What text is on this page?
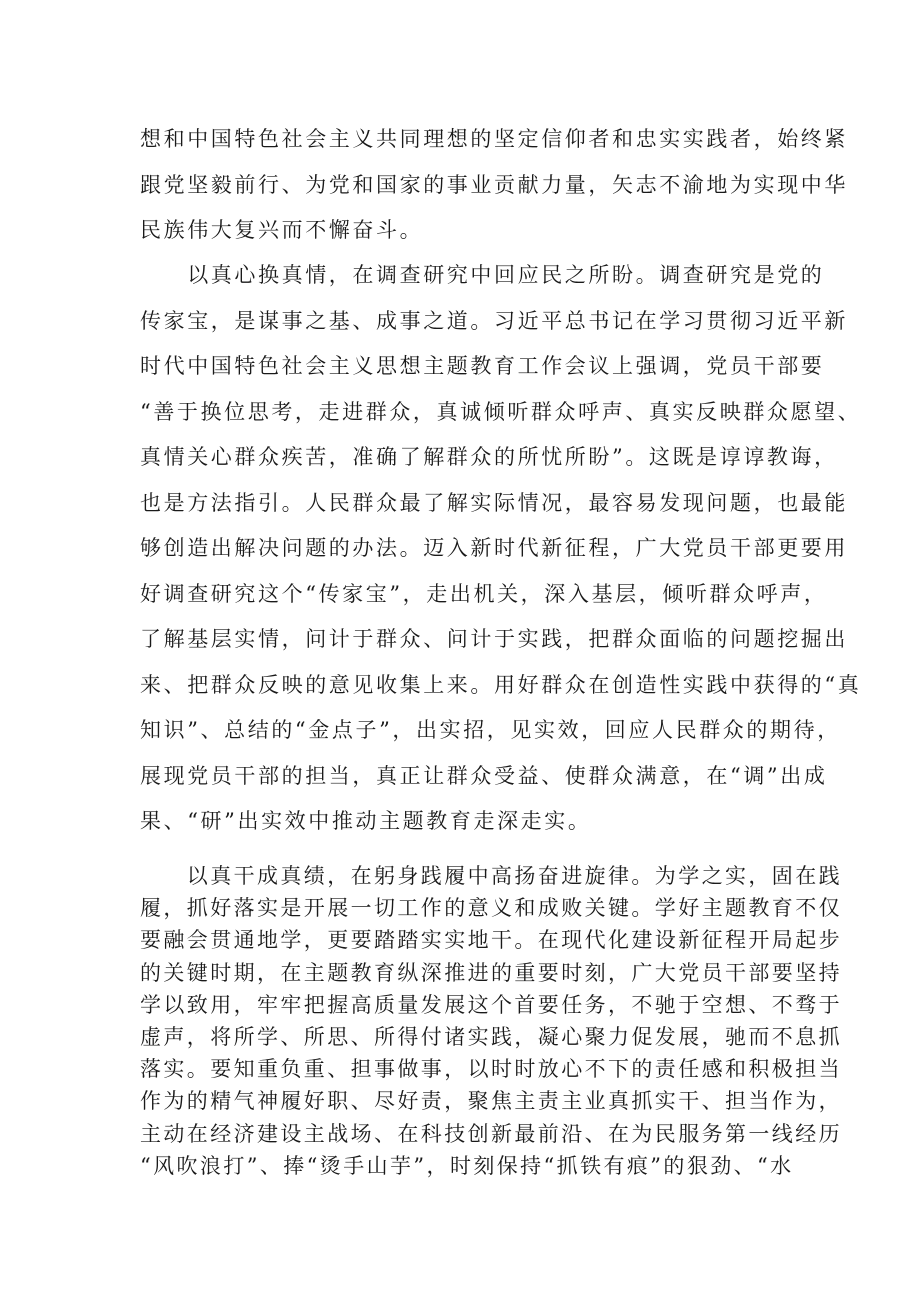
想和中国特色社会主义共同理想的坚定信仰者和忠实实践者，始终紧
跟党坚毅前行、为党和国家的事业贡献力量，矢志不渝地为实现中华
民族伟大复兴而不懈奋斗。
　　以真心换真情，在调查研究中回应民之所盼。调查研究是党的
传家宝，是谋事之基、成事之道。习近平总书记在学习贯彻习近平新
时代中国特色社会主义思想主题教育工作会议上强调，党员干部要
“善于换位思考，走进群众，真诚倾听群众呼声、真实反映群众愿望、
真情关心群众疾苦，准确了解群众的所忧所盼”。这既是谆谆教诲，
也是方法指引。人民群众最了解实际情况，最容易发现问题，也最能
够创造出解决问题的办法。迈入新时代新征程，广大党员干部更要用
好调查研究这个“传家宝”，走出机关，深入基层，倾听群众呼声，
了解基层实情，问计于群众、问计于实践，把群众面临的问题挖掘出
来、把群众反映的意见收集上来。用好群众在创造性实践中获得的“真
知识”、总结的“金点子”，出实招，见实效，回应人民群众的期待，
展现党员干部的担当，真正让群众受益、使群众满意，在“调”出成
果、“研”出实效中推动主题教育走深走实。
　　以真干成真绩，在躬身践履中高扬奋进旋律。为学之实，固在践
履，抓好落实是开展一切工作的意义和成败关键。学好主题教育不仅
要融会贯通地学，更要踏踏实实地干。在现代化建设新征程开局起步
的关键时期，在主题教育纵深推进的重要时刻，广大党员干部要坚持
学以致用，牢牢把握高质量发展这个首要任务，不驰于空想、不骛于
虚声，将所学、所思、所得付诸实践，凝心聚力促发展，驰而不息抓
落实。要知重负重、担事做事，以时时放心不下的责任感和积极担当
作为的精气神履好职、尽好责，聚焦主责主业真抓实干、担当作为，
主动在经济建设主战场、在科技创新最前沿、在为民服务第一线经历
“风吹浪打”、捧“烫手山芋”，时刻保持“抓铁有痕”的狠劲、“水
